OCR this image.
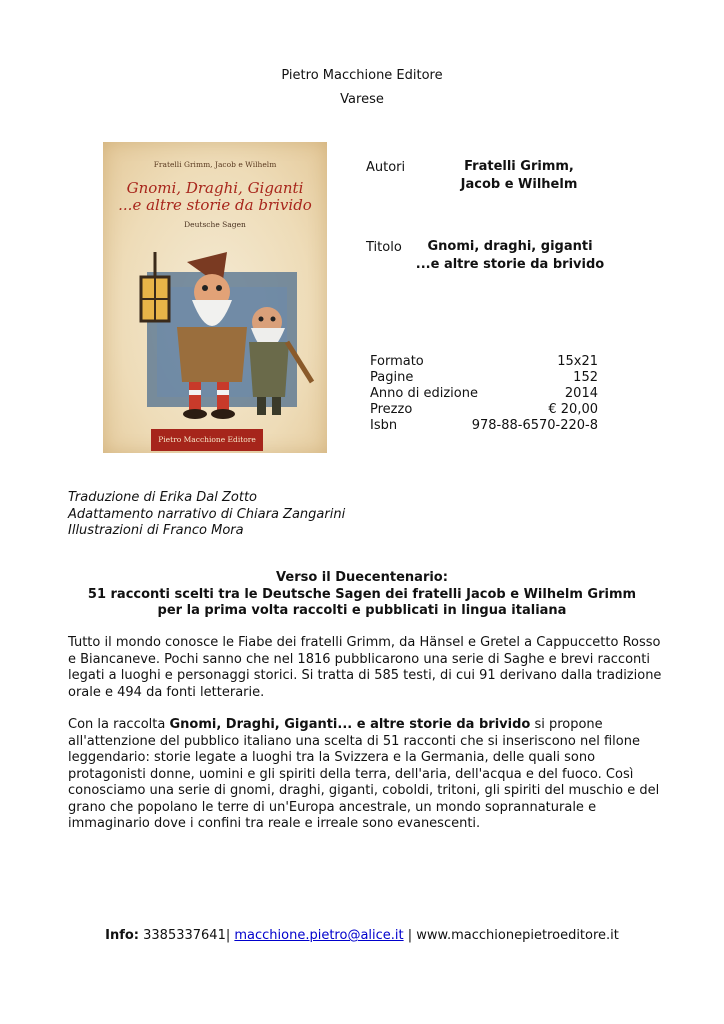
Pietro Macchione Editore
Varese
Fratelli Grimm, Jacob e Wilhelm
Gnomi, Draghi, Giganti
...e altre storie da brivido
Deutsche Sagen
Pietro Macchione Editore
Autori	Fratelli Grimm,
Jacob e Wilhelm
Titolo	Gnomi, draghi, giganti
...e altre storie da brivido
Formato	15x21
Pagine	152
Anno di edizione	2014
Prezzo	€ 20,00
Isbn	978-88-6570-220-8
Traduzione di Erika Dal Zotto
Adattamento narrativo di Chiara Zangarini
Illustrazioni di Franco Mora
Verso il Duecentenario:
51 racconti scelti tra le Deutsche Sagen dei fratelli Jacob e Wilhelm Grimm
per la prima volta raccolti e pubblicati in lingua italiana
Tutto il mondo conosce le Fiabe dei fratelli Grimm, da Hänsel e Gretel a Cappuccetto Rosso e Biancaneve. Pochi sanno che nel 1816 pubblicarono una serie di Saghe e brevi racconti legati a luoghi e personaggi storici. Si tratta di 585 testi, di cui 91 derivano dalla tradizione orale e 494 da fonti letterarie.
Con la raccolta Gnomi, Draghi, Giganti... e altre storie da brivido si propone all'attenzione del pubblico italiano una scelta di 51 racconti che si inseriscono nel filone leggendario: storie legate a luoghi tra la Svizzera e la Germania, delle quali sono protagonisti donne, uomini e gli spiriti della terra, dell'aria, dell'acqua e del fuoco. Così conosciamo una serie di gnomi, draghi, giganti, coboldi, tritoni, gli spiriti del muschio e del grano che popolano le terre di un'Europa ancestrale, un mondo soprannaturale e immaginario dove i confini tra reale e irreale sono evanescenti.
Info: 3385337641| macchione.pietro@alice.it | www.macchionepietroeditore.it
